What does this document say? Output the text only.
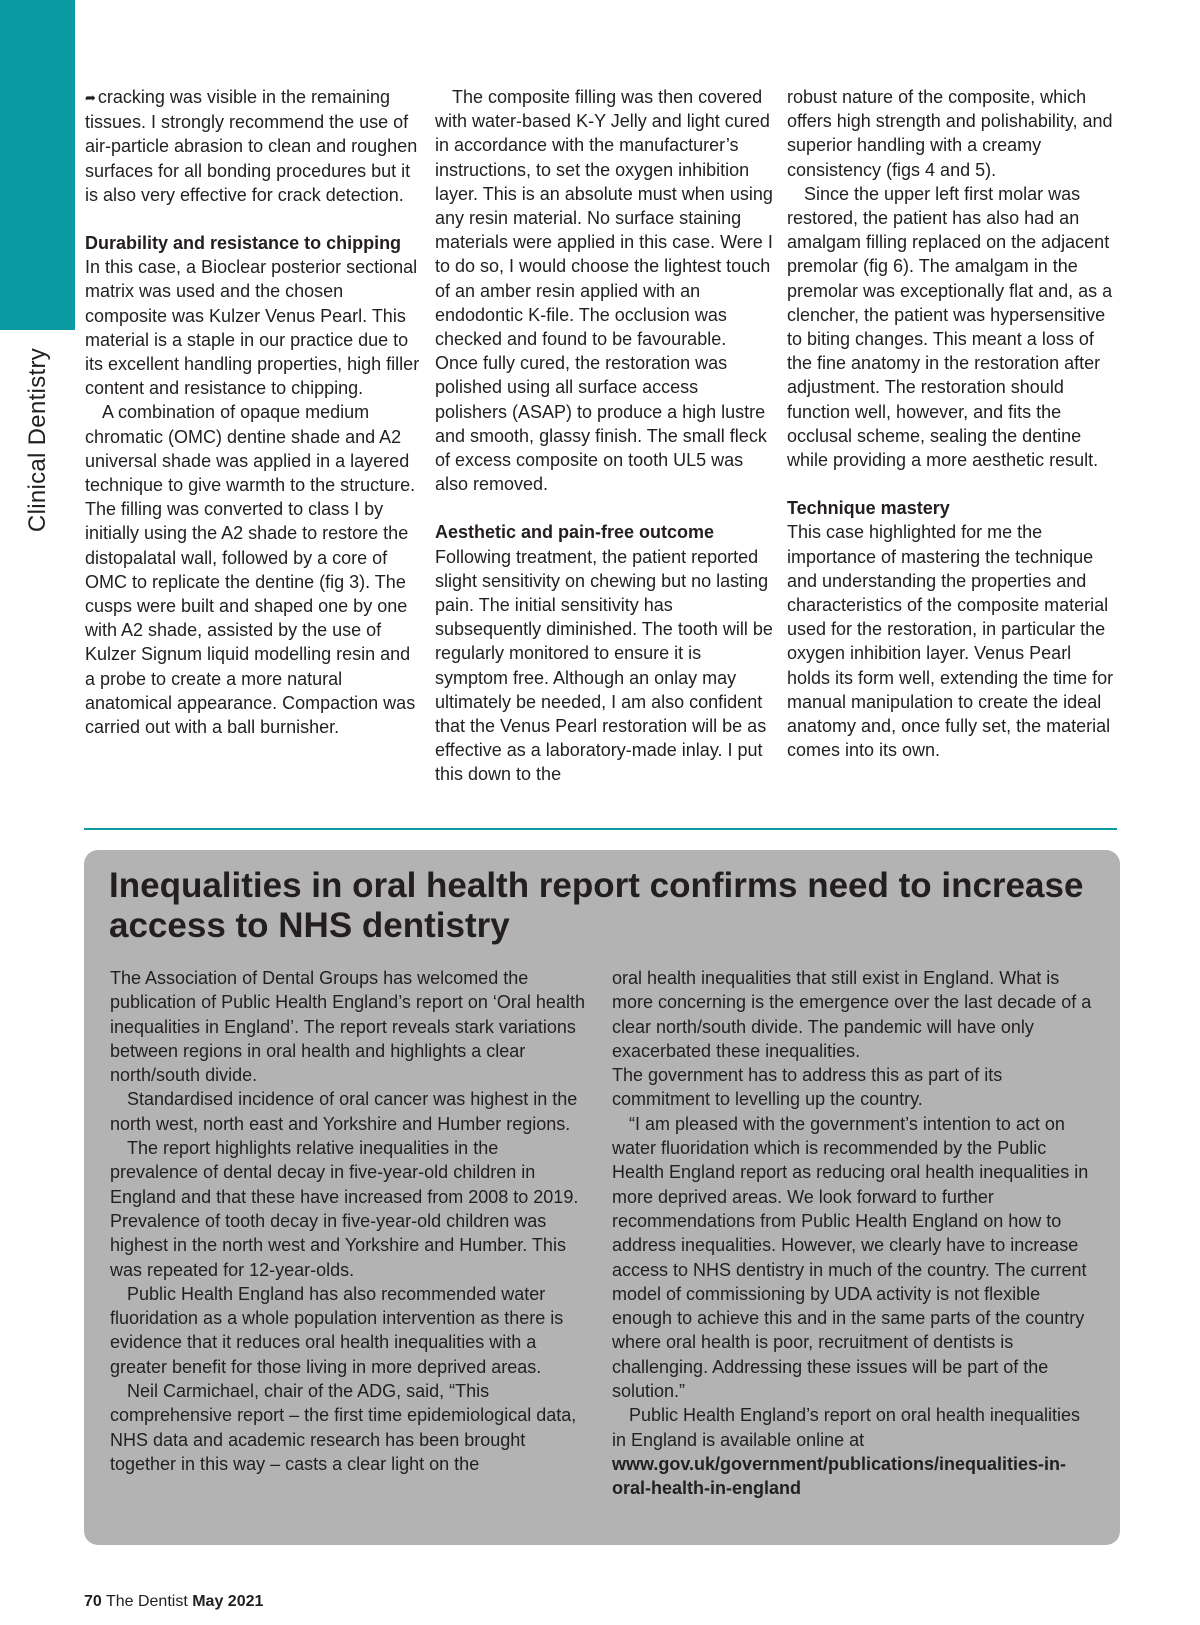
Clinical Dentistry

➦ cracking was visible in the remaining tissues. I strongly recommend the use of air-particle abrasion to clean and roughen surfaces for all bonding procedures but it is also very effective for crack detection.

Durability and resistance to chipping

In this case, a Bioclear posterior sectional matrix was used and the chosen composite was Kulzer Venus Pearl. This material is a staple in our practice due to its excellent handling properties, high filler content and resistance to chipping.

A combination of opaque medium chromatic (OMC) dentine shade and A2 universal shade was applied in a layered technique to give warmth to the structure. The filling was converted to class I by initially using the A2 shade to restore the distopalatal wall, followed by a core of OMC to replicate the dentine (fig 3). The cusps were built and shaped one by one with A2 shade, assisted by the use of Kulzer Signum liquid modelling resin and a probe to create a more natural anatomical appearance. Compaction was carried out with a ball burnisher.

The composite filling was then covered with water-based K-Y Jelly and light cured in accordance with the manufacturer’s instructions, to set the oxygen inhibition layer. This is an absolute must when using any resin material. No surface staining materials were applied in this case. Were I to do so, I would choose the lightest touch of an amber resin applied with an endodontic K-file. The occlusion was checked and found to be favourable. Once fully cured, the restoration was polished using all surface access polishers (ASAP) to produce a high lustre and smooth, glassy finish. The small fleck of excess composite on tooth UL5 was also removed.

Aesthetic and pain-free outcome

Following treatment, the patient reported slight sensitivity on chewing but no lasting pain. The initial sensitivity has subsequently diminished. The tooth will be regularly monitored to ensure it is symptom free. Although an onlay may ultimately be needed, I am also confident that the Venus Pearl restoration will be as effective as a laboratory-made inlay. I put this down to the

robust nature of the composite, which offers high strength and polishability, and superior handling with a creamy consistency (figs 4 and 5).

Since the upper left first molar was restored, the patient has also had an amalgam filling replaced on the adjacent premolar (fig 6). The amalgam in the premolar was exceptionally flat and, as a clencher, the patient was hypersensitive to biting changes. This meant a loss of the fine anatomy in the restoration after adjustment. The restoration should function well, however, and fits the occlusal scheme, sealing the dentine while providing a more aesthetic result.

Technique mastery

This case highlighted for me the importance of mastering the technique and understanding the properties and characteristics of the composite material used for the restoration, in particular the oxygen inhibition layer. Venus Pearl holds its form well, extending the time for manual manipulation to create the ideal anatomy and, once fully set, the material comes into its own.

Inequalities in oral health report confirms need to increase access to NHS dentistry

The Association of Dental Groups has welcomed the publication of Public Health England’s report on ‘Oral health inequalities in England’. The report reveals stark variations between regions in oral health and highlights a clear north/south divide.

Standardised incidence of oral cancer was highest in the north west, north east and Yorkshire and Humber regions.

The report highlights relative inequalities in the prevalence of dental decay in five-year-old children in England and that these have increased from 2008 to 2019. Prevalence of tooth decay in five-year-old children was highest in the north west and Yorkshire and Humber. This was repeated for 12-year-olds.

Public Health England has also recommended water fluoridation as a whole population intervention as there is evidence that it reduces oral health inequalities with a greater benefit for those living in more deprived areas.

Neil Carmichael, chair of the ADG, said, “This comprehensive report – the first time epidemiological data, NHS data and academic research has been brought together in this way – casts a clear light on the

oral health inequalities that still exist in England. What is more concerning is the emergence over the last decade of a clear north/south divide. The pandemic will have only exacerbated these inequalities.

The government has to address this as part of its commitment to levelling up the country.

“I am pleased with the government’s intention to act on water fluoridation which is recommended by the Public Health England report as reducing oral health inequalities in more deprived areas. We look forward to further recommendations from Public Health England on how to address inequalities. However, we clearly have to increase access to NHS dentistry in much of the country. The current model of commissioning by UDA activity is not flexible enough to achieve this and in the same parts of the country where oral health is poor, recruitment of dentists is challenging. Addressing these issues will be part of the solution.”

Public Health England’s report on oral health inequalities in England is available online at www.gov.uk/government/publications/inequalities-in-oral-health-in-england

70 The Dentist May 2021
